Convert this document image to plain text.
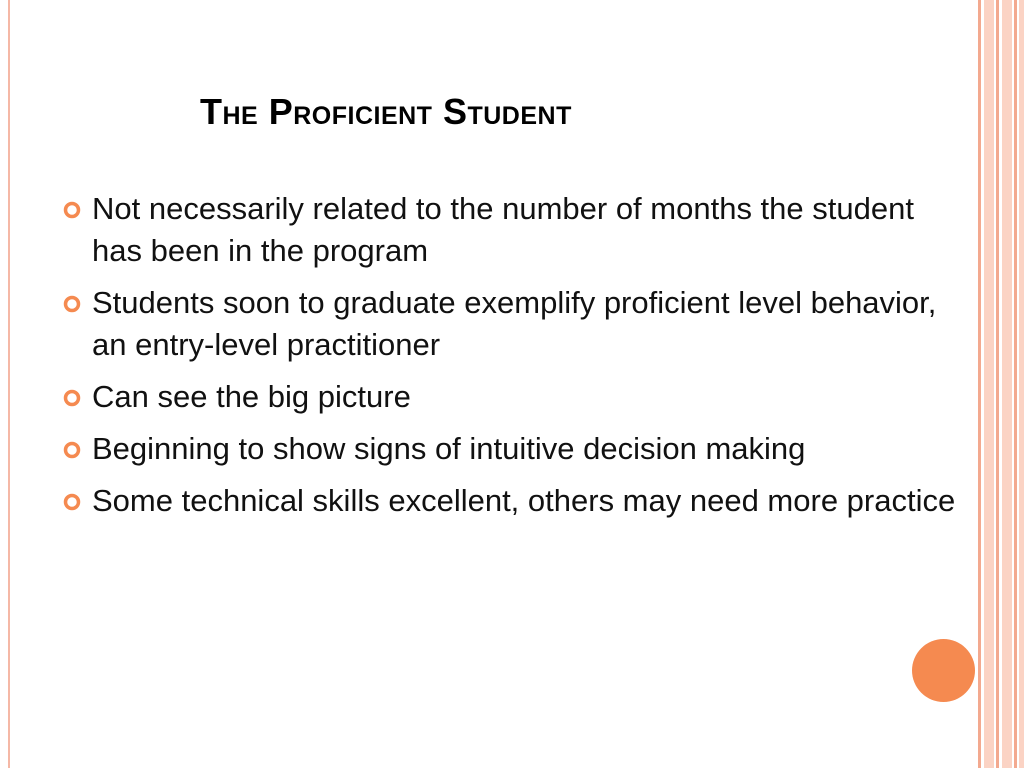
The Proficient Student
Not necessarily related to the number of months the student has been in the program
Students soon to graduate exemplify proficient level behavior, an entry-level practitioner
Can see the big picture
Beginning to show signs of intuitive decision making
Some technical skills excellent, others may need more practice
